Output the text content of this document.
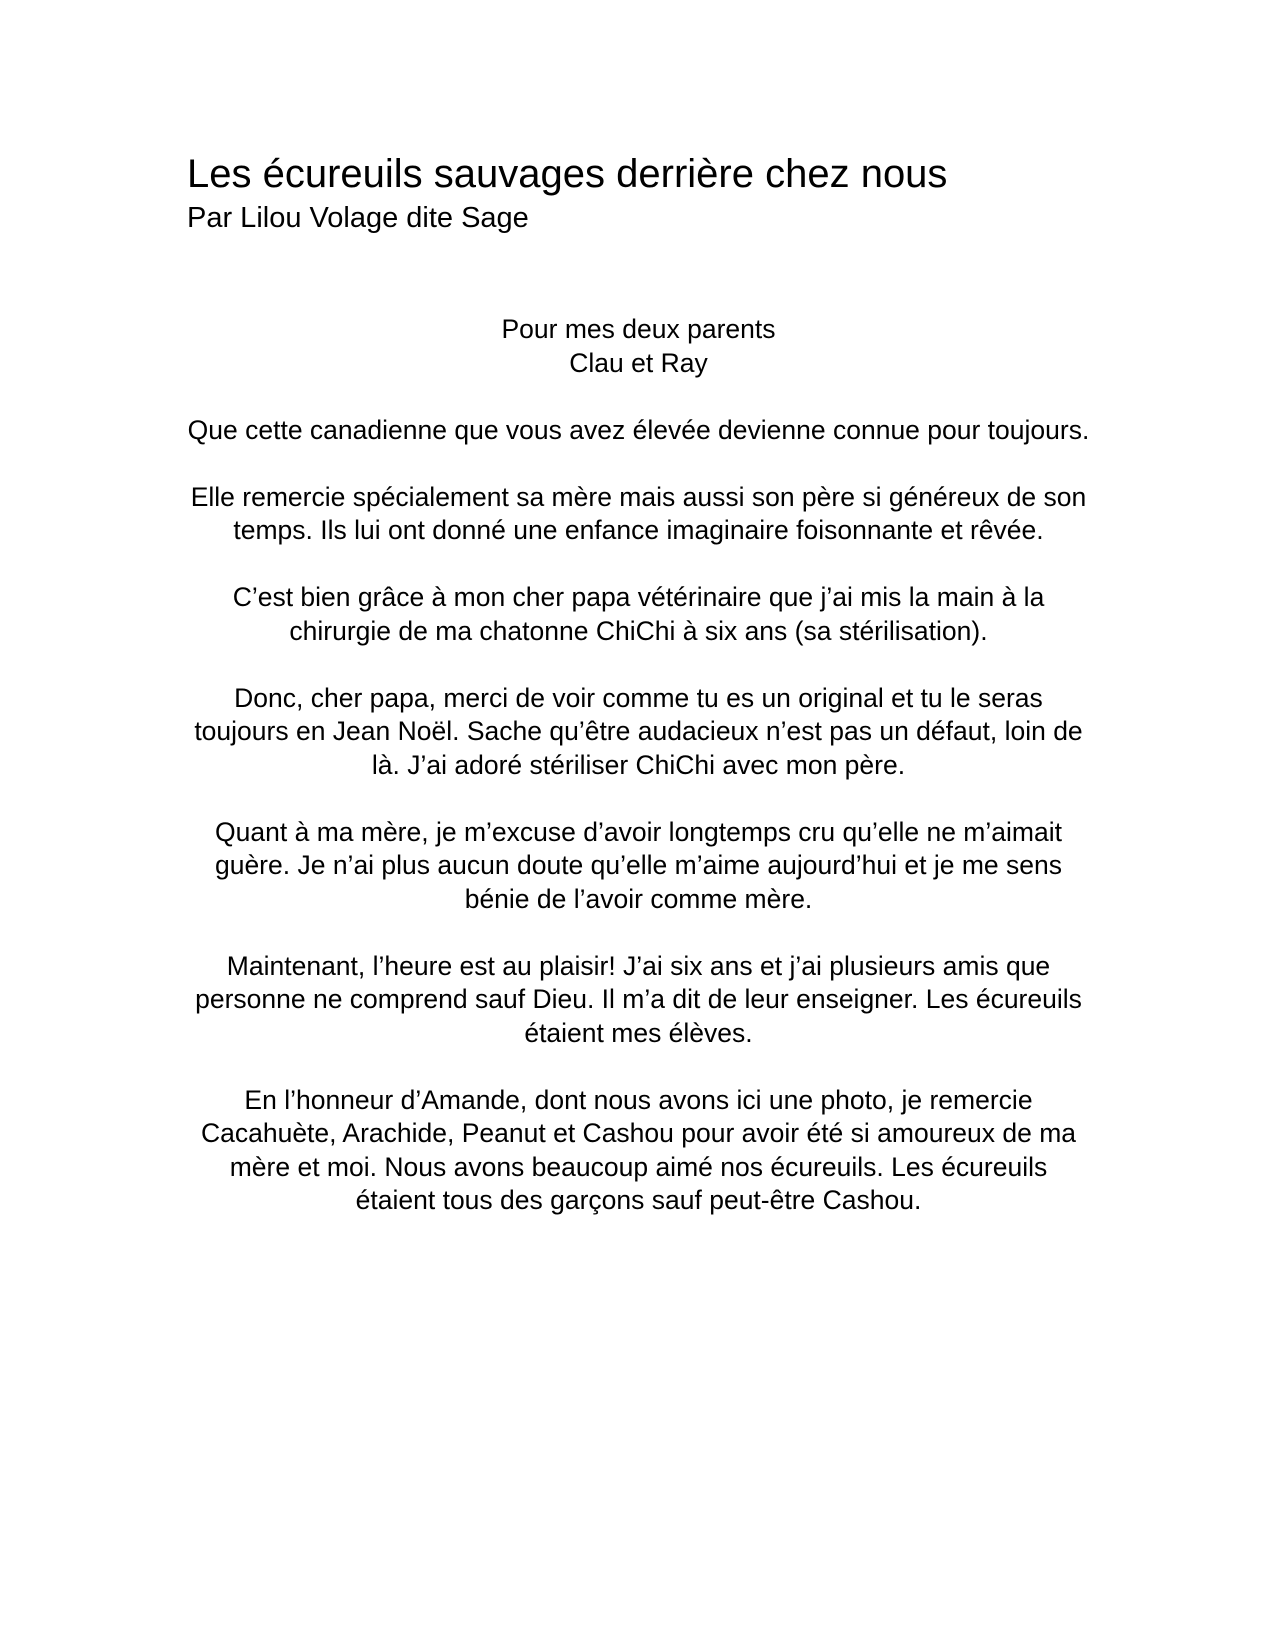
Les écureuils sauvages derrière chez nous

Par Lilou Volage dite Sage

Pour mes deux parents
Clau et Ray

Que cette canadienne que vous avez élevée devienne connue pour toujours.

Elle remercie spécialement sa mère mais aussi son père si généreux de son temps. Ils lui ont donné une enfance imaginaire foisonnante et rêvée.

C’est bien grâce à mon cher papa vétérinaire que j’ai mis la main à la chirurgie de ma chatonne ChiChi à six ans (sa stérilisation).

Donc, cher papa, merci de voir comme tu es un original et tu le seras toujours en Jean Noël. Sache qu’être audacieux n’est pas un défaut, loin de là. J’ai adoré stériliser ChiChi avec mon père.

Quant à ma mère, je m’excuse d’avoir longtemps cru qu’elle ne m’aimait guère. Je n’ai plus aucun doute qu’elle m’aime aujourd’hui et je me sens bénie de l’avoir comme mère.

Maintenant, l’heure est au plaisir! J’ai six ans et j’ai plusieurs amis que personne ne comprend sauf Dieu. Il m’a dit de leur enseigner. Les écureuils étaient mes élèves.

En l’honneur d’Amande, dont nous avons ici une photo, je remercie Cacahuète, Arachide, Peanut et Cashou pour avoir été si amoureux de ma mère et moi. Nous avons beaucoup aimé nos écureuils. Les écureuils étaient tous des garçons sauf peut-être Cashou.
